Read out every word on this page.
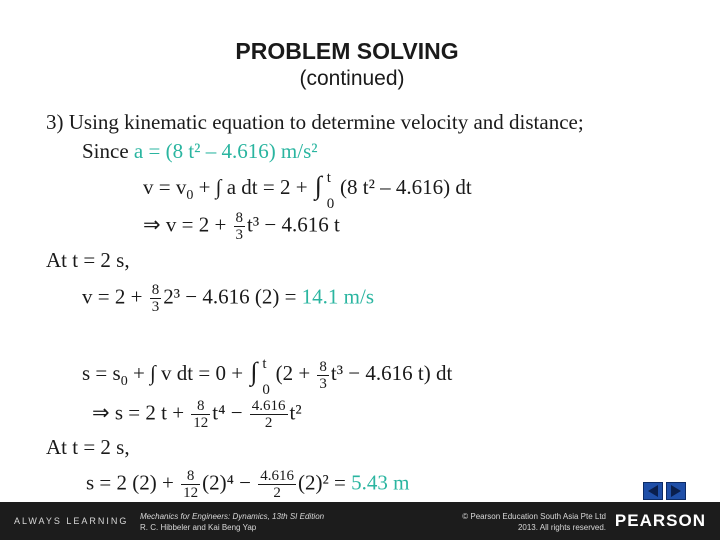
PROBLEM SOLVING
(continued)
3) Using kinematic equation to determine velocity and distance;
Since a = (8 t² – 4.616) m/s²
$v = v_0$ + ∫ a dt = 2 + ∫ t
0
(8 t² – 4.616) dt
⇒ $v = 2 + \frac{8}{3} t^3 - 4.616$ t
At t = 2 s,
$v = 2 + \frac{8}{3} 2^3 - 4.616$ (2) = 14.1 m/s
$s = s_0$ + ∫ v dt = 0 + ∫ t
0
($2 + \frac{8}{3} t^3 - 4.616$ t) dt
⇒ s = 2 $t + \frac{8}{12} t^4 - \frac{4.616}{2} t^2$
At t = 2 s,
s = 2 $(2) + \frac{8}{12} (2)^4 - \frac{4.616}{2} (2)^2 = 5.43$ m
ALWAYS LEARNING Mechanics for Engineers: Dynamics, 13th SI Edition
R. C. Hibbeler and Kai Beng Yap
© Pearson Education South Asia Pte Ltd
2013. All rights reserved. PEARSON
